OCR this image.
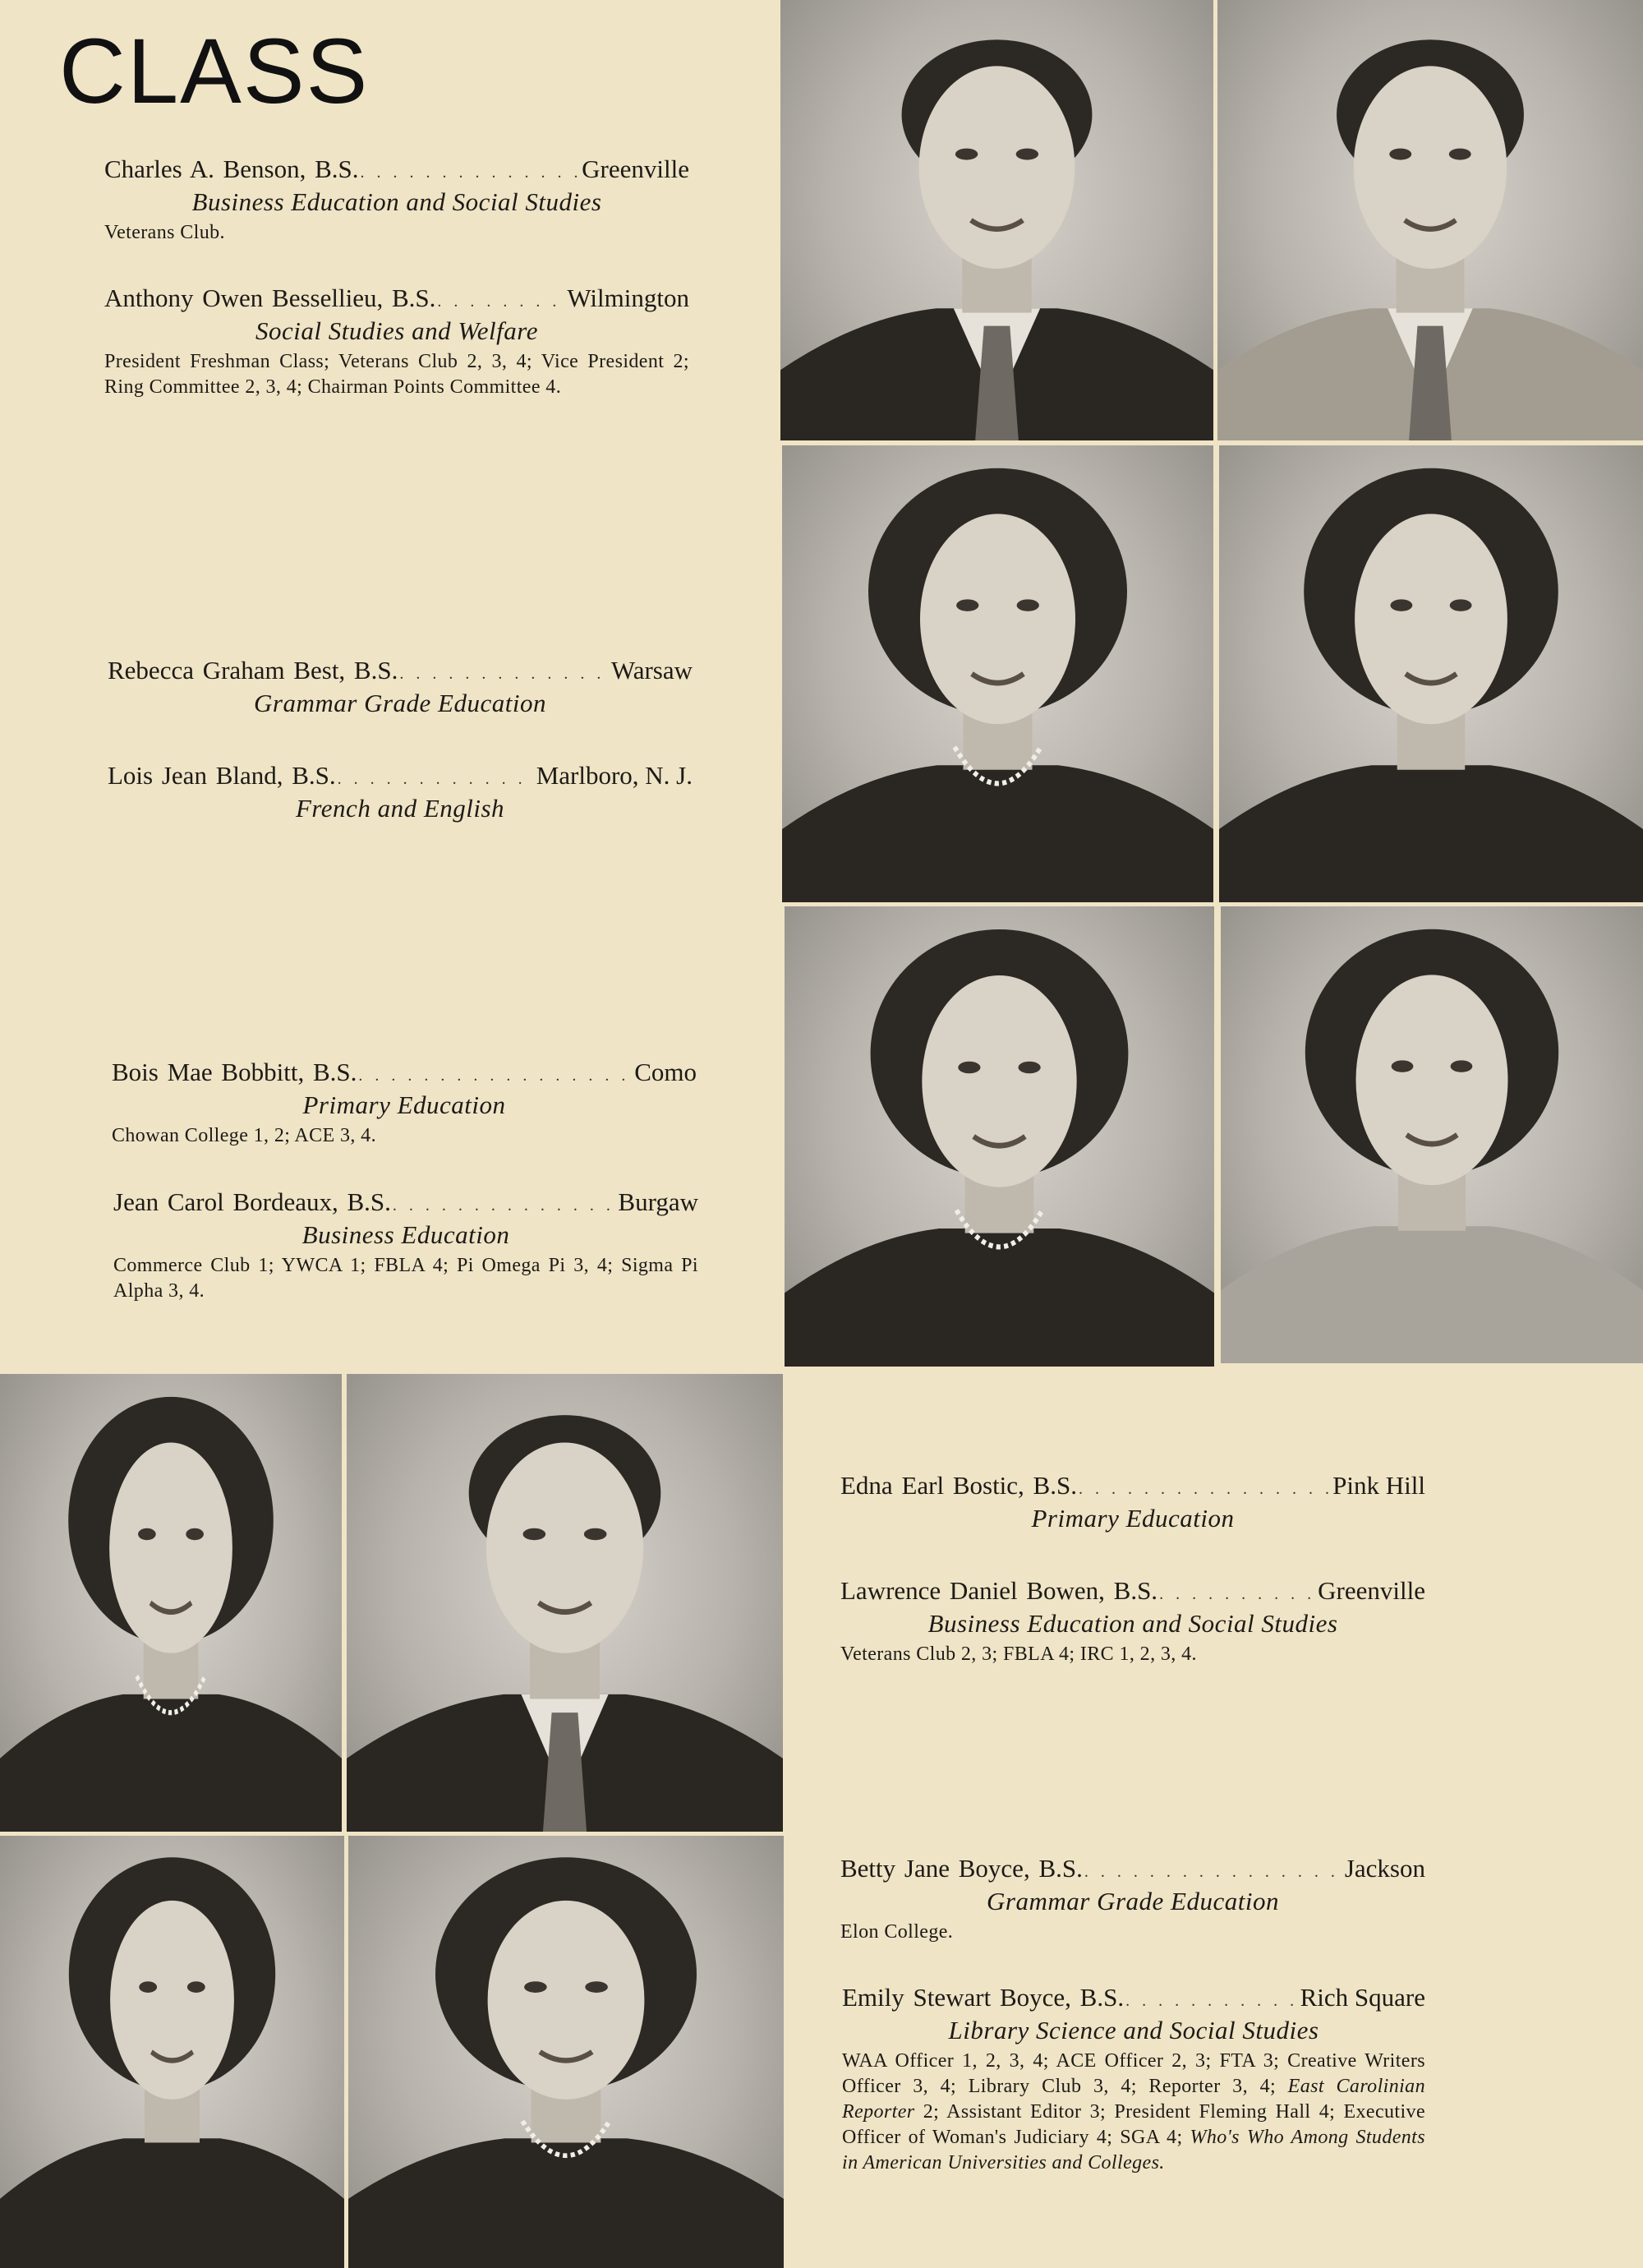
CLASS
Charles A. Benson, B.S. . . .	Greenville
Business Education and Social Studies
Veterans Club.
Anthony Owen Bessellieu, B.S. . . .	Wilmington
Social Studies and Welfare
President Freshman Class; Veterans Club 2, 3, 4; Vice President 2; Ring Committee 2, 3, 4; Chairman Points Committee 4.
Rebecca Graham Best, B.S. . . .	Warsaw
Grammar Grade Education
Lois Jean Bland, B.S. . . .	Marlboro, N. J.
French and English
Bois Mae Bobbitt, B.S. . . .	Como
Primary Education
Chowan College 1, 2; ACE 3, 4.
Jean Carol Bordeaux, B.S. . . .	Burgaw
Business Education
Commerce Club 1; YWCA 1; FBLA 4; Pi Omega Pi 3, 4; Sigma Pi Alpha 3, 4.
Edna Earl Bostic, B.S. . . .	Pink Hill
Primary Education
Lawrence Daniel Bowen, B.S. . . .	Greenville
Business Education and Social Studies
Veterans Club 2, 3; FBLA 4; IRC 1, 2, 3, 4.
Betty Jane Boyce, B.S. . . .	Jackson
Grammar Grade Education
Elon College.
Emily Stewart Boyce, B.S. . . .	Rich Square
Library Science and Social Studies
WAA Officer 1, 2, 3, 4; ACE Officer 2, 3; FTA 3; Creative Writers Officer 3, 4; Library Club 3, 4; Reporter 3, 4; East Carolinian Reporter 2; Assistant Editor 3; President Fleming Hall 4; Executive Officer of Woman's Judiciary 4; SGA 4; Who's Who Among Students in American Universities and Colleges.
